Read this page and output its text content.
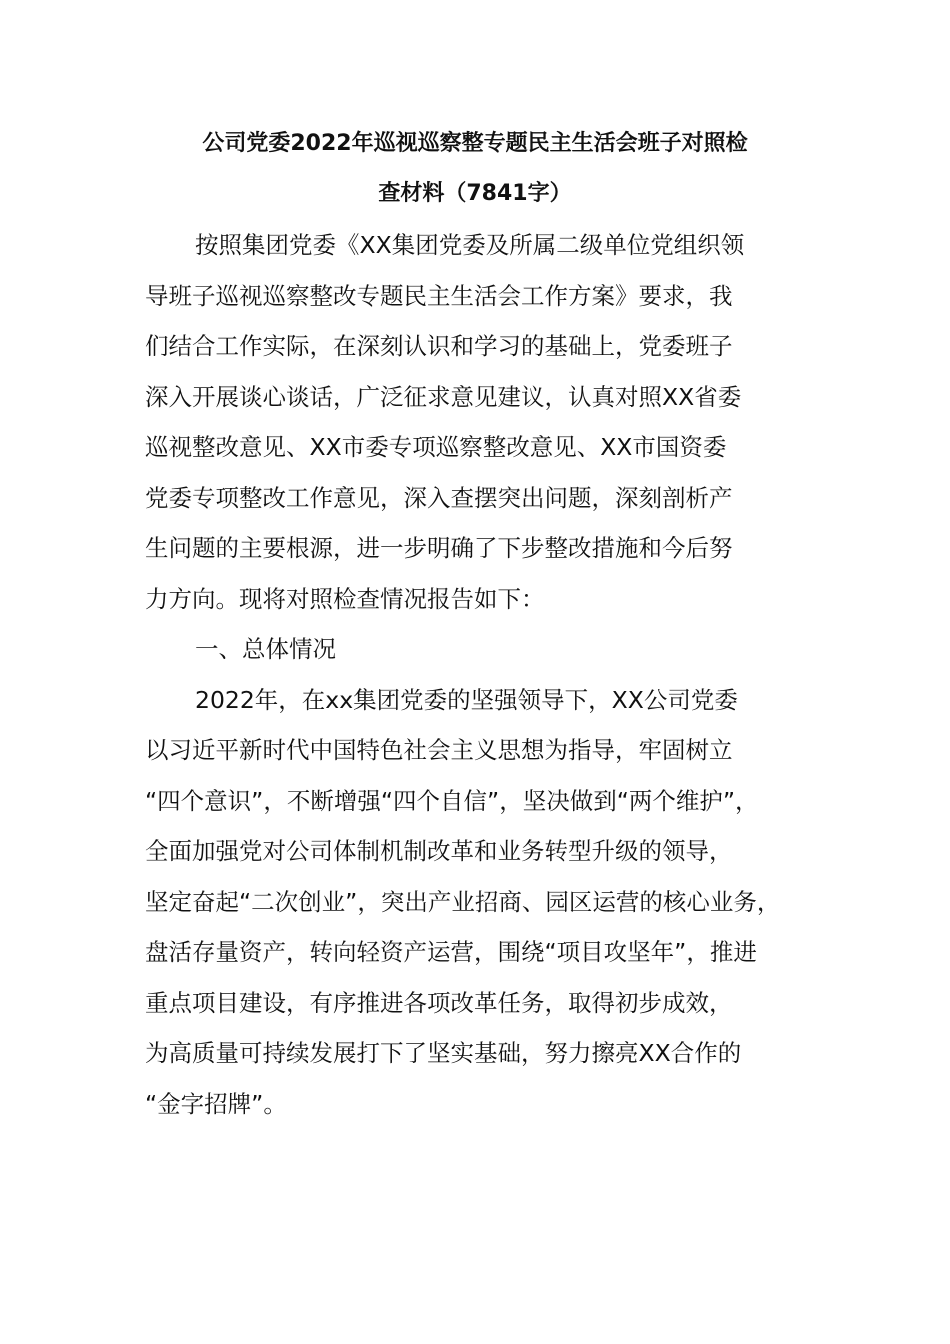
公司党委2022年巡视巡察整专题民主生活会班子对照检
查材料（7841字）
按照集团党委《XX集团党委及所属二级单位党组织领
导班子巡视巡察整改专题民主生活会工作方案》要求，我
们结合工作实际，在深刻认识和学习的基础上，党委班子
深入开展谈心谈话，广泛征求意见建议，认真对照XX省委
巡视整改意见、XX市委专项巡察整改意见、XX市国资委
党委专项整改工作意见，深入查摆突出问题，深刻剖析产
生问题的主要根源，进一步明确了下步整改措施和今后努
力方向。现将对照检查情况报告如下：
一、总体情况
2022年，在xx集团党委的坚强领导下，XX公司党委
以习近平新时代中国特色社会主义思想为指导，牢固树立
“四个意识”，不断增强“四个自信”，坚决做到“两个维护”，
全面加强党对公司体制机制改革和业务转型升级的领导，
坚定奋起“二次创业”，突出产业招商、园区运营的核心业务，
盘活存量资产，转向轻资产运营，围绕“项目攻坚年”，推进
重点项目建设，有序推进各项改革任务，取得初步成效，
为高质量可持续发展打下了坚实基础，努力擦亮XX合作的
“金字招牌”。
